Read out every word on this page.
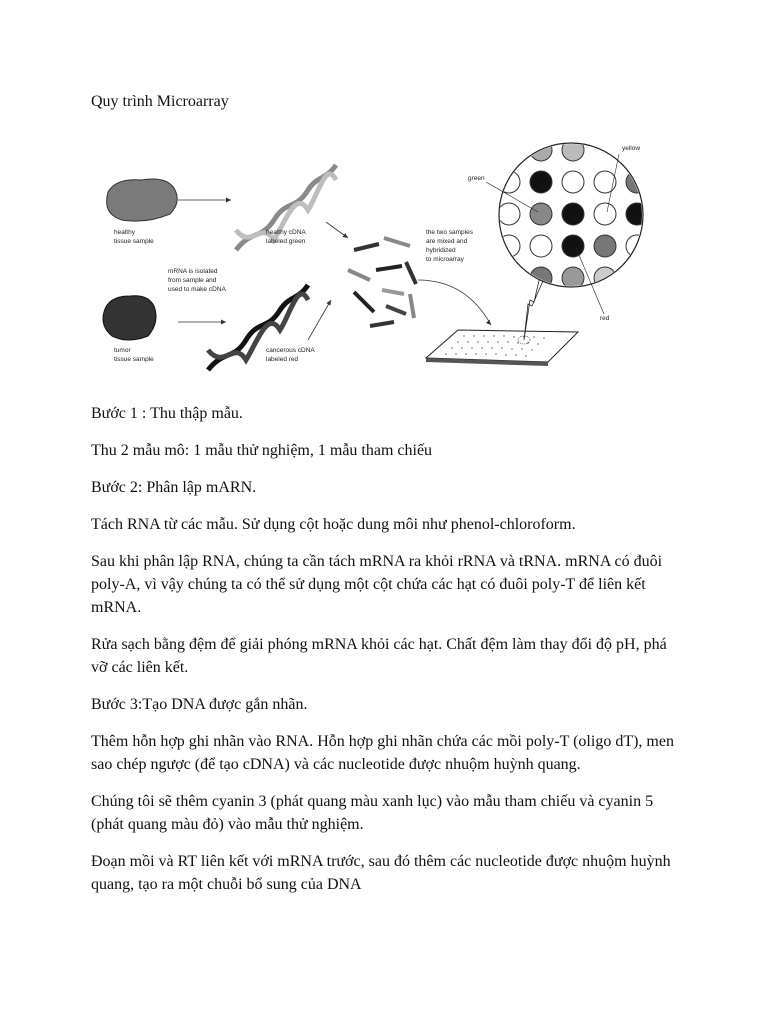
Quy trình Microarray
healthy
tissue sample
healthy cDNA
labeled green
mRNA is isolated
from sample and
used to make cDNA
tumor
tissue sample
cancerous cDNA
labeled red
the two samples
are mixed and
hybridized
to microarray
green
yellow
red

Bước 1 : Thu thập mẫu.

Thu 2 mẫu mô: 1 mẫu thử nghiệm, 1 mẫu tham chiếu

Bước 2: Phân lập mARN.

Tách RNA từ các mẫu. Sử dụng cột hoặc dung môi như phenol-chloroform.

Sau khi phân lập RNA, chúng ta cần tách mRNA ra khỏi rRNA và tRNA. mRNA có đuôi poly-A, vì vậy chúng ta có thể sử dụng một cột chứa các hạt có đuôi poly-T để liên kết mRNA.

Rửa sạch bằng đệm để giải phóng mRNA khỏi các hạt. Chất đệm làm thay đổi độ pH, phá vỡ các liên kết.

Bước 3:Tạo DNA được gắn nhãn.

Thêm hỗn hợp ghi nhãn vào RNA. Hỗn hợp ghi nhãn chứa các mồi poly-T (oligo dT), men sao chép ngược (để tạo cDNA) và các nucleotide được nhuộm huỳnh quang.

Chúng tôi sẽ thêm cyanin 3 (phát quang màu xanh lục) vào mẫu tham chiếu và cyanin 5 (phát quang màu đỏ) vào mẫu thử nghiệm.

Đoạn mồi và RT liên kết với mRNA trước, sau đó thêm các nucleotide được nhuộm huỳnh quang, tạo ra một chuỗi bổ sung của DNA
